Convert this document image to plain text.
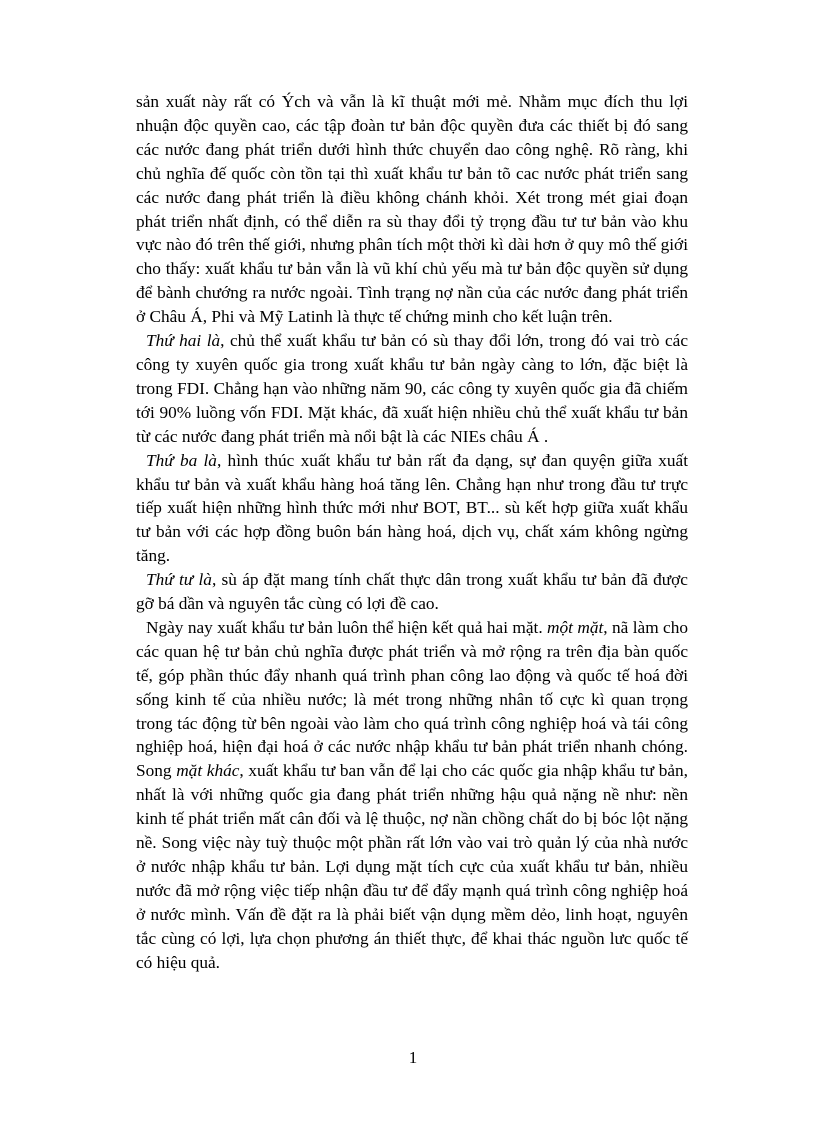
sản xuất này rất có Ých và vẫn là kĩ thuật mới mẻ. Nhằm mục đích thu lợi nhuận độc quyền cao, các tập đoàn tư bản độc quyền đưa các thiết bị đó sang các nước đang phát triển dưới hình thức chuyển dao công nghệ. Rõ ràng, khi chủ nghĩa đế quốc còn tồn tại thì xuất khẩu tư bản tõ cac nước phát triển sang các nước đang phát triển là điều không chánh khỏi. Xét trong mét giai đoạn phát triển nhất định, có thể diễn ra sù thay đổi tỷ trọng đầu tư tư bản vào khu vực nào đó trên thế giới, nhưng phân tích một thời kì dài hơn ở quy mô thế giới cho thấy: xuất khẩu tư bản vẫn là vũ khí chủ yếu mà tư bản độc quyền sử dụng để bành chướng ra nước ngoài. Tình trạng nợ nần của các nước đang phát triển ở Châu Á, Phi và Mỹ Latinh là thực tế chứng minh cho kết luận trên.

Thứ hai là, chủ thể xuất khẩu tư bản có sù thay đổi lớn, trong đó vai trò các công ty xuyên quốc gia trong xuất khẩu tư bản ngày càng to lớn, đặc biệt là trong FDI. Chẳng hạn vào những năm 90, các công ty xuyên quốc gia đã chiếm tới 90% luồng vốn FDI. Mặt khác, đã xuất hiện nhiều chủ thể xuất khẩu tư bản từ các nước đang phát triển mà nổi bật là các NIEs châu Á .

Thứ ba là, hình thúc xuất khẩu tư bản rất đa dạng, sự đan quyện giữa xuất khẩu tư bản và xuất khẩu hàng hoá tăng lên. Chẳng hạn như trong đầu tư trực tiếp xuất hiện những hình thức mới như BOT, BT... sù kết hợp giữa xuất khẩu tư bản với các hợp đồng buôn bán hàng hoá, dịch vụ, chất xám không ngừng tăng.

Thứ tư là, sù áp đặt mang tính chất thực dân trong xuất khẩu tư bản đã được gỡ bá dần và nguyên tắc cùng có lợi đề cao.

Ngày nay xuất khẩu tư bản luôn thể hiện kết quả hai mặt. một mặt, nã làm cho các quan hệ tư bản chủ nghĩa được phát triển và mở rộng ra trên địa bàn quốc tế, góp phần thúc đẩy nhanh quá trình phan công lao động và quốc tế hoá đời sống kinh tế của nhiều nước; là mét trong những nhân tố cực kì quan trọng trong tác động từ bên ngoài vào làm cho quá trình công nghiệp hoá và tái công nghiệp hoá, hiện đại hoá ở các nước nhập khẩu tư bản phát triển nhanh chóng. Song mặt khác, xuất khẩu tư ban vẫn để lại cho các quốc gia nhập khẩu tư bản, nhất là với những quốc gia đang phát triển những hậu quả nặng nề như: nền kinh tế phát triển mất cân đối và lệ thuộc, nợ nần chồng chất do bị bóc lột nặng nề. Song việc này tuỳ thuộc một phần rất lớn vào vai trò quản lý của nhà nước ở nước nhập khẩu tư bản. Lợi dụng mặt tích cực của xuất khẩu tư bản, nhiều nước đã mở rộng việc tiếp nhận đầu tư để đẩy mạnh quá trình công nghiệp hoá ở nước mình. Vấn đề đặt ra là phải biết vận dụng mềm dẻo, linh hoạt, nguyên tắc cùng có lợi, lựa chọn phương án thiết thực, để khai thác nguồn lưc quốc tế có hiệu quả.

1
